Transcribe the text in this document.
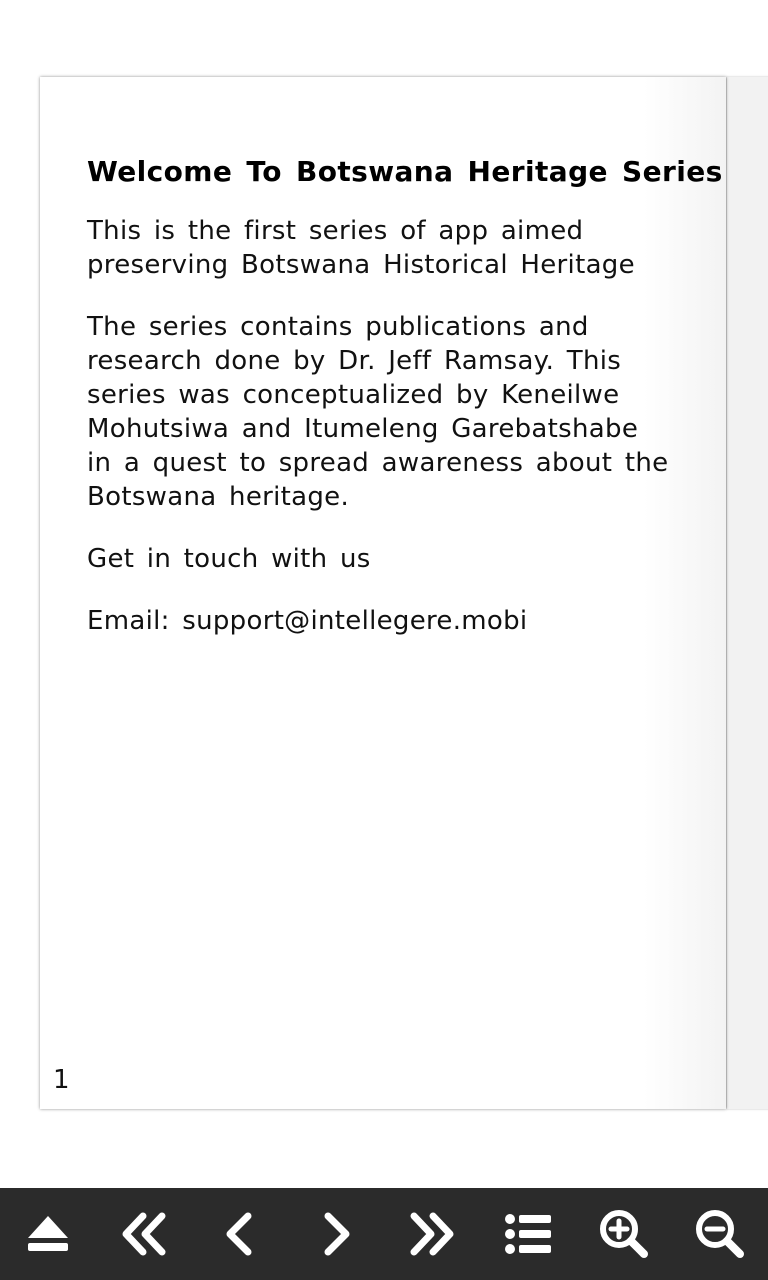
Welcome To Botswana Heritage Series

This is the first series of app aimed preserving Botswana Historical Heritage

The series contains publications and research done by Dr. Jeff Ramsay. This series was conceptualized by Keneilwe Mohutsiwa and Itumeleng Garebatshabe in a quest to spread awareness about the Botswana heritage.

Get in touch with us

Email: support@intellegere.mobi

1
